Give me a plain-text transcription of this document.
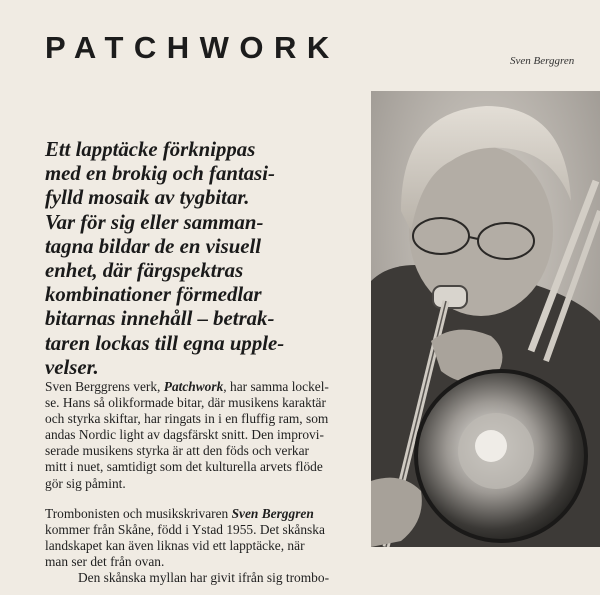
PATCHWORK	Sven Berggren

Ett lapptäcke förknippas
med en brokig och fantasi-
fylld mosaik av tygbitar.
Var för sig eller samman-
tagna bildar de en visuell
enhet, där färgspektras
kombinationer förmedlar
bitarnas innehåll – betrak-
taren lockas till egna upple-
velser.

Sven Berggrens verk, Patchwork, har samma lockel-
se. Hans så olikformade bitar, där musikens karaktär
och styrka skiftar, har ringats in i en fluffig ram, som
andas Nordic light av dagsfärskt snitt. Den improvi-
serade musikens styrka är att den föds och verkar
mitt i nuet, samtidigt som det kulturella arvets flöde
gör sig påmint.
Trombonisten och musikskrivaren Sven Berggren
kommer från Skåne, född i Ystad 1955. Det skånska
landskapet kan även liknas vid ett lapptäcke, när
man ser det från ovan.
Den skånska myllan har givit ifrån sig trombo-
